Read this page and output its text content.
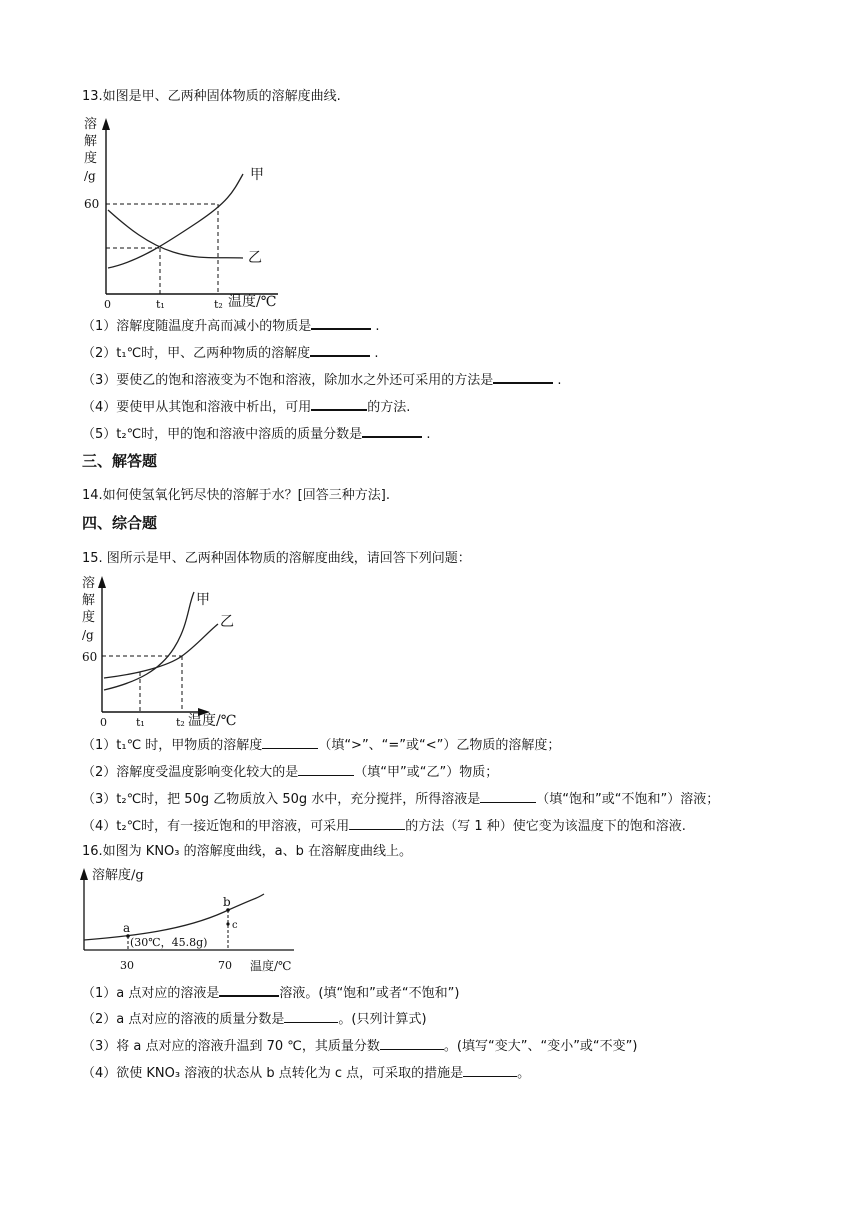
13.如图是甲、乙两种固体物质的溶解度曲线.
溶
解
度
/g
60
0	t₁	t₂ 温度/℃
甲
乙
（1）溶解度随温度升高而减小的物质是	.
（2）t₁℃时，甲、乙两种物质的溶解度	.
（3）要使乙的饱和溶液变为不饱和溶液，除加水之外还可采用的方法是	.
（4）要使甲从其饱和溶液中析出，可用	的方法.
（5）t₂℃时，甲的饱和溶液中溶质的质量分数是	.
三、解答题
14.如何使氢氧化钙尽快的溶解于水？[回答三种方法].
四、综合题
15. 图所示是甲、乙两种固体物质的溶解度曲线，请回答下列问题：
溶
解
度
/g
60
0	t₁	t₂ 温度/℃
甲
乙
（1）t₁℃ 时，甲物质的溶解度	（填“>”、“=”或“<”）乙物质的溶解度；
（2）溶解度受温度影响变化较大的是	（填“甲”或“乙”）物质；
（3）t₂℃时，把 50g 乙物质放入 50g 水中，充分搅拌，所得溶液是	（填“饱和”或“不饱和”）溶液；
（4）t₂℃时，有一接近饱和的甲溶液，可采用	的方法（写 1 种）使它变为该温度下的饱和溶液.
16.如图为 KNO₃ 的溶解度曲线，a、b 在溶解度曲线上。
溶解度/g
a
b
c
(30℃，45.8g)
30	70 温度/℃
（1）a 点对应的溶液是	溶液。(填“饱和”或者“不饱和”)
（2）a 点对应的溶液的质量分数是	。(只列计算式)
（3）将 a 点对应的溶液升温到 70 ℃，其质量分数	。(填写“变大”、“变小”或“不变”)
（4）欲使 KNO₃ 溶液的状态从 b 点转化为 c 点，可采取的措施是	。
